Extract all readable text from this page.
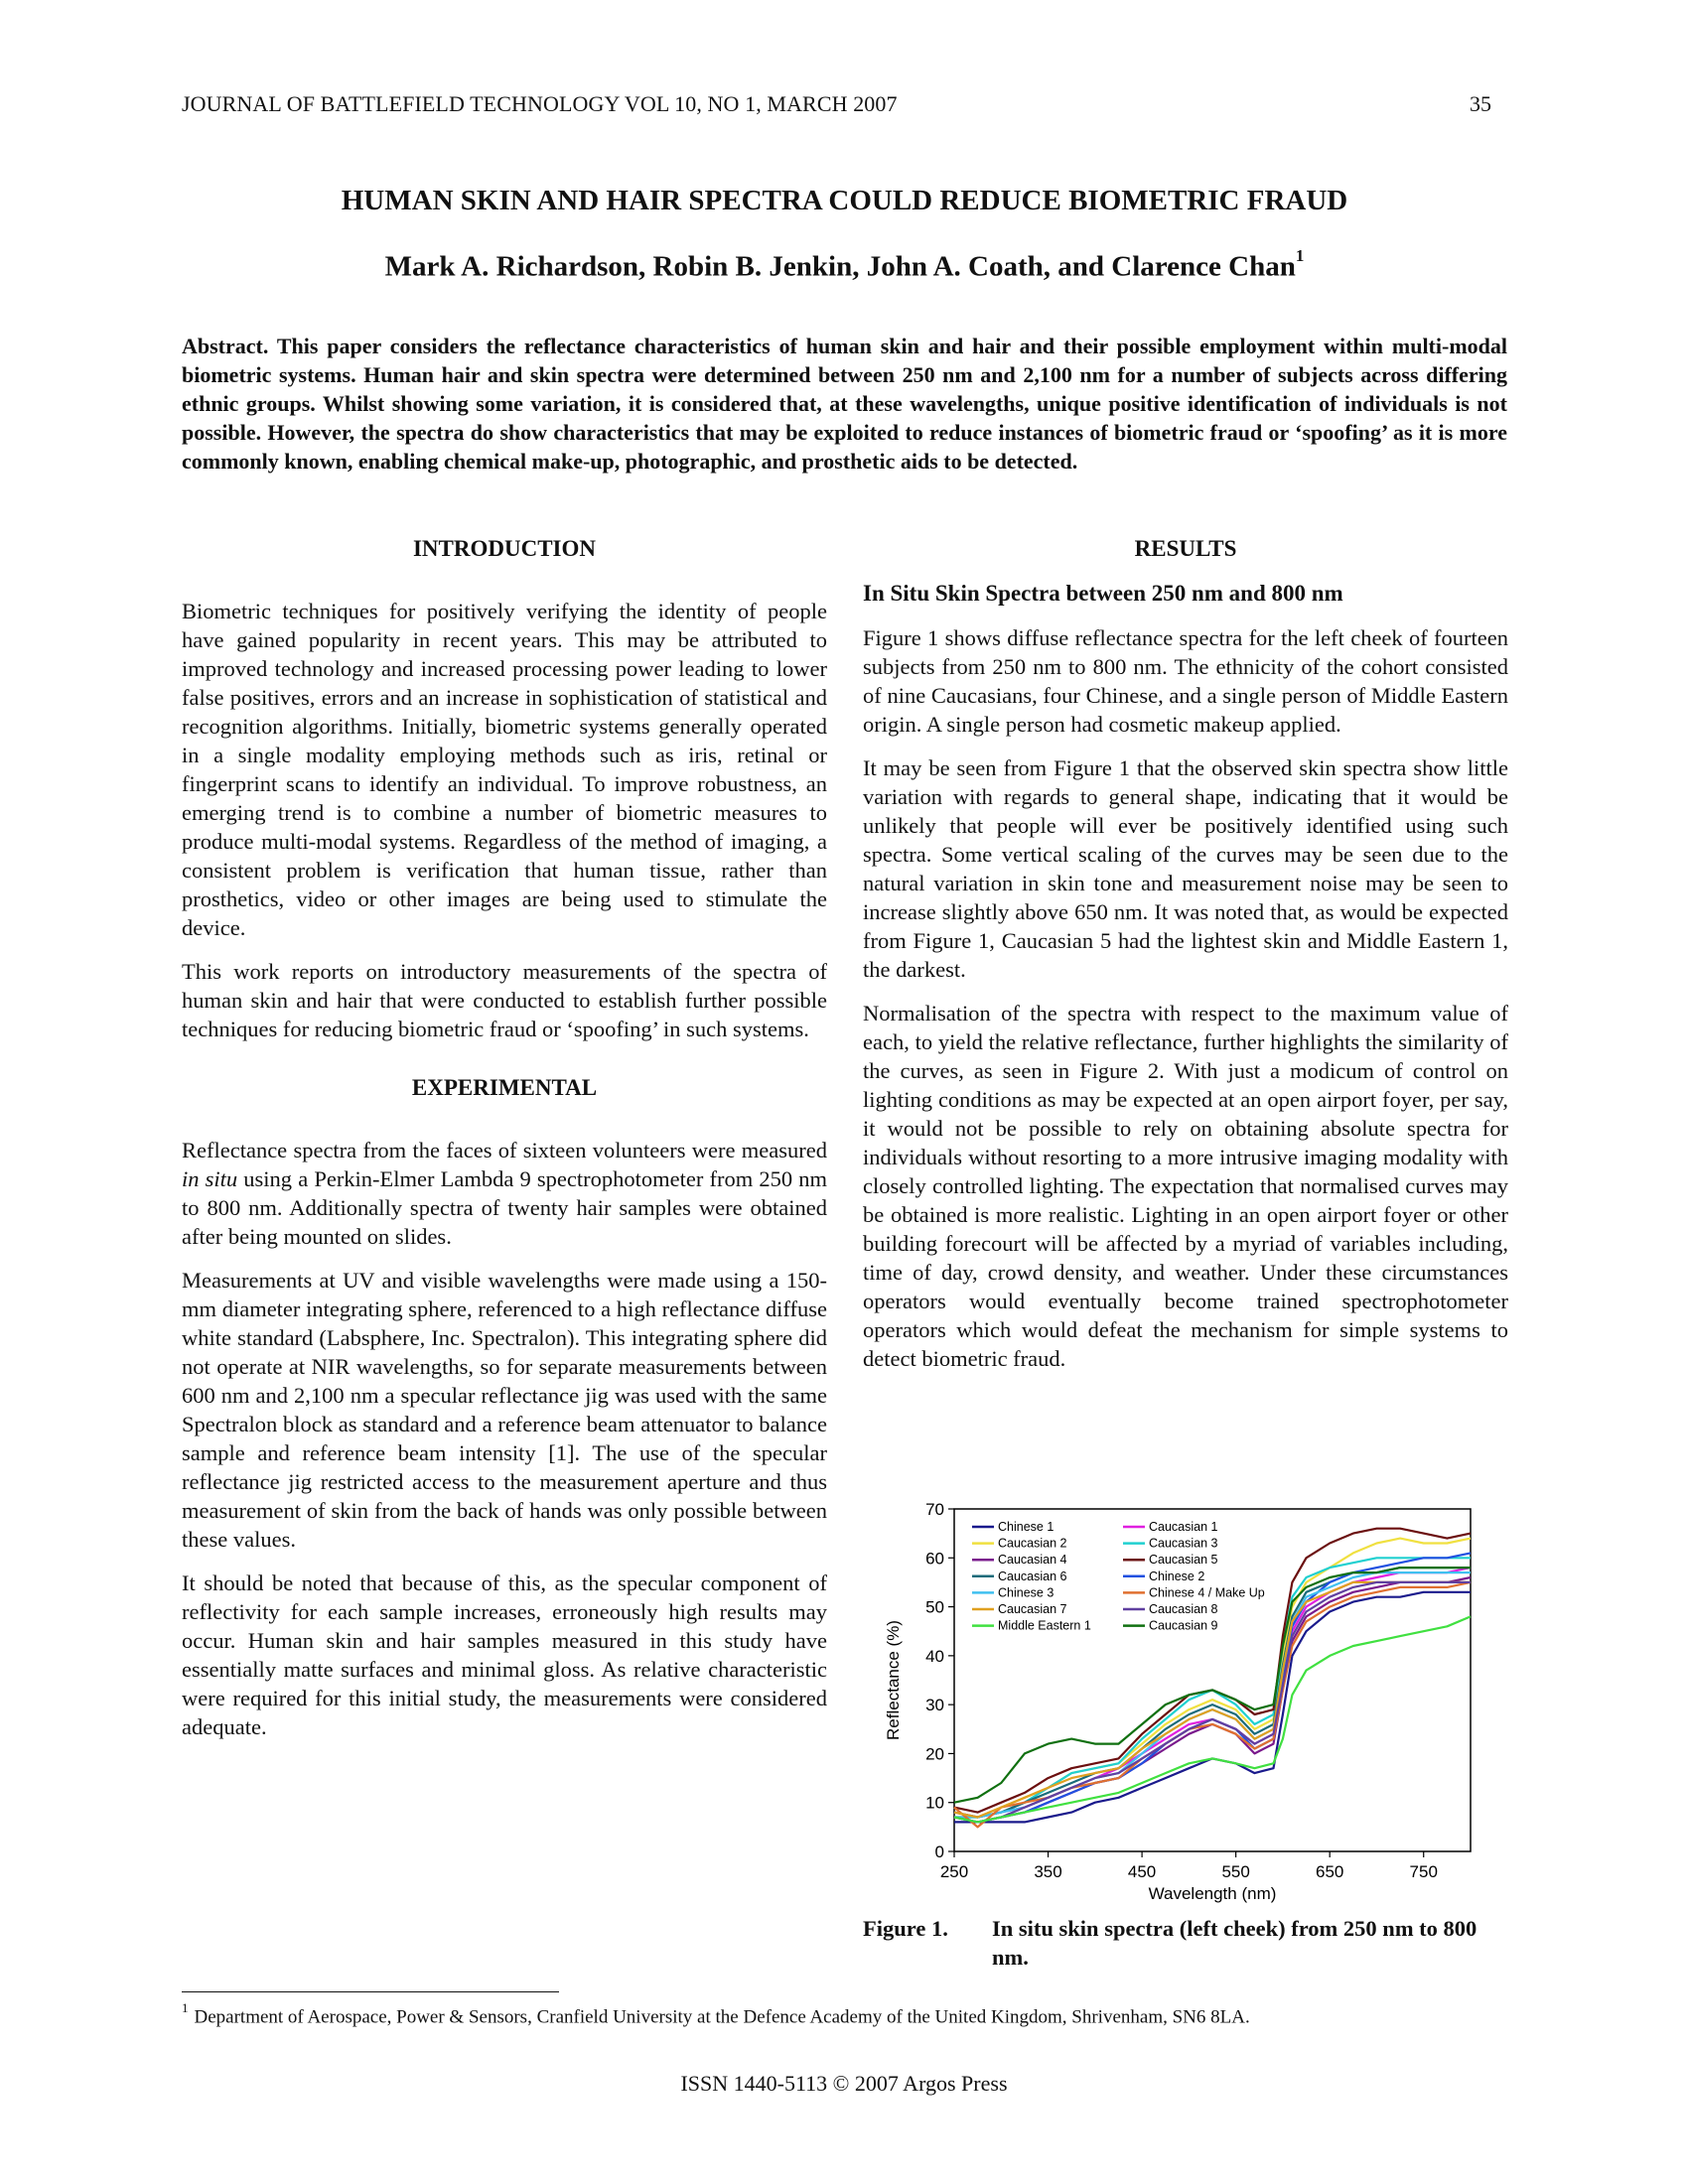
JOURNAL OF BATTLEFIELD TECHNOLOGY VOL 10, NO 1, MARCH 2007	35
HUMAN SKIN AND HAIR SPECTRA COULD REDUCE BIOMETRIC FRAUD
Mark A. Richardson, Robin B. Jenkin, John A. Coath, and Clarence Chan$^1$
Abstract. This paper considers the reflectance characteristics of human skin and hair and their possible employment within multi-modal biometric systems. Human hair and skin spectra were determined between 250 nm and 2,100 nm for a number of subjects across differing ethnic groups. Whilst showing some variation, it is considered that, at these wavelengths, unique positive identification of individuals is not possible. However, the spectra do show characteristics that may be exploited to reduce instances of biometric fraud or ‘spoofing’ as it is more commonly known, enabling chemical make-up, photographic, and prosthetic aids to be detected.
INTRODUCTION

Biometric techniques for positively verifying the identity of people have gained popularity in recent years. This may be attributed to improved technology and increased processing power leading to lower false positives, errors and an increase in sophistication of statistical and recognition algorithms. Initially, biometric systems generally operated in a single modality employing methods such as iris, retinal or fingerprint scans to identify an individual. To improve robustness, an emerging trend is to combine a number of biometric measures to produce multi-modal systems. Regardless of the method of imaging, a consistent problem is verification that human tissue, rather than prosthetics, video or other images are being used to stimulate the device.

This work reports on introductory measurements of the spectra of human skin and hair that were conducted to establish further possible techniques for reducing biometric fraud or ‘spoofing’ in such systems.

EXPERIMENTAL

Reflectance spectra from the faces of sixteen volunteers were measured in situ using a Perkin-Elmer Lambda 9 spectrophotometer from 250 nm to 800 nm. Additionally spectra of twenty hair samples were obtained after being mounted on slides.

Measurements at UV and visible wavelengths were made using a 150-mm diameter integrating sphere, referenced to a high reflectance diffuse white standard (Labsphere, Inc. Spectralon). This integrating sphere did not operate at NIR wavelengths, so for separate measurements between 600 nm and 2,100 nm a specular reflectance jig was used with the same Spectralon block as standard and a reference beam attenuator to balance sample and reference beam intensity [1]. The use of the specular reflectance jig restricted access to the measurement aperture and thus measurement of skin from the back of hands was only possible between these values.

It should be noted that because of this, as the specular component of reflectivity for each sample increases, erroneously high results may occur. Human skin and hair samples measured in this study have essentially matte surfaces and minimal gloss. As relative characteristic were required for this initial study, the measurements were considered adequate.

RESULTS
In Situ Skin Spectra between 250 nm and 800 nm

Figure 1 shows diffuse reflectance spectra for the left cheek of fourteen subjects from 250 nm to 800 nm. The ethnicity of the cohort consisted of nine Caucasians, four Chinese, and a single person of Middle Eastern origin. A single person had cosmetic makeup applied.

It may be seen from Figure 1 that the observed skin spectra show little variation with regards to general shape, indicating that it would be unlikely that people will ever be positively identified using such spectra. Some vertical scaling of the curves may be seen due to the natural variation in skin tone and measurement noise may be seen to increase slightly above 650 nm. It was noted that, as would be expected from Figure 1, Caucasian 5 had the lightest skin and Middle Eastern 1, the darkest.

Normalisation of the spectra with respect to the maximum value of each, to yield the relative reflectance, further highlights the similarity of the curves, as seen in Figure 2. With just a modicum of control on lighting conditions as may be expected at an open airport foyer, per say, it would not be possible to rely on obtaining absolute spectra for individuals without resorting to a more intrusive imaging modality with closely controlled lighting. The expectation that normalised curves may be obtained is more realistic. Lighting in an open airport foyer or other building forecourt will be affected by a myriad of variables including, time of day, crowd density, and weather. Under these circumstances operators would eventually become trained spectrophotometer operators which would defeat the mechanism for simple systems to detect biometric fraud.

0
10
20
30
40
50
60
70
250	350	450	550	650	750
Wavelength (nm)
Reflectance (%)
Chinese 1	Caucasian 1
Caucasian 2	Caucasian 3
Caucasian 4	Caucasian 5
Caucasian 6	Chinese 2
Chinese 3	Chinese 4 / Make Up
Caucasian 7	Caucasian 8
Middle Eastern 1	Caucasian 9
Figure 1. In situ skin spectra (left cheek) from 250 nm to 800 nm.
$^1$ Department of Aerospace, Power & Sensors, Cranfield University at the Defence Academy of the United Kingdom, Shrivenham, SN6 8LA.
ISSN 1440-5113 © 2007 Argos Press
